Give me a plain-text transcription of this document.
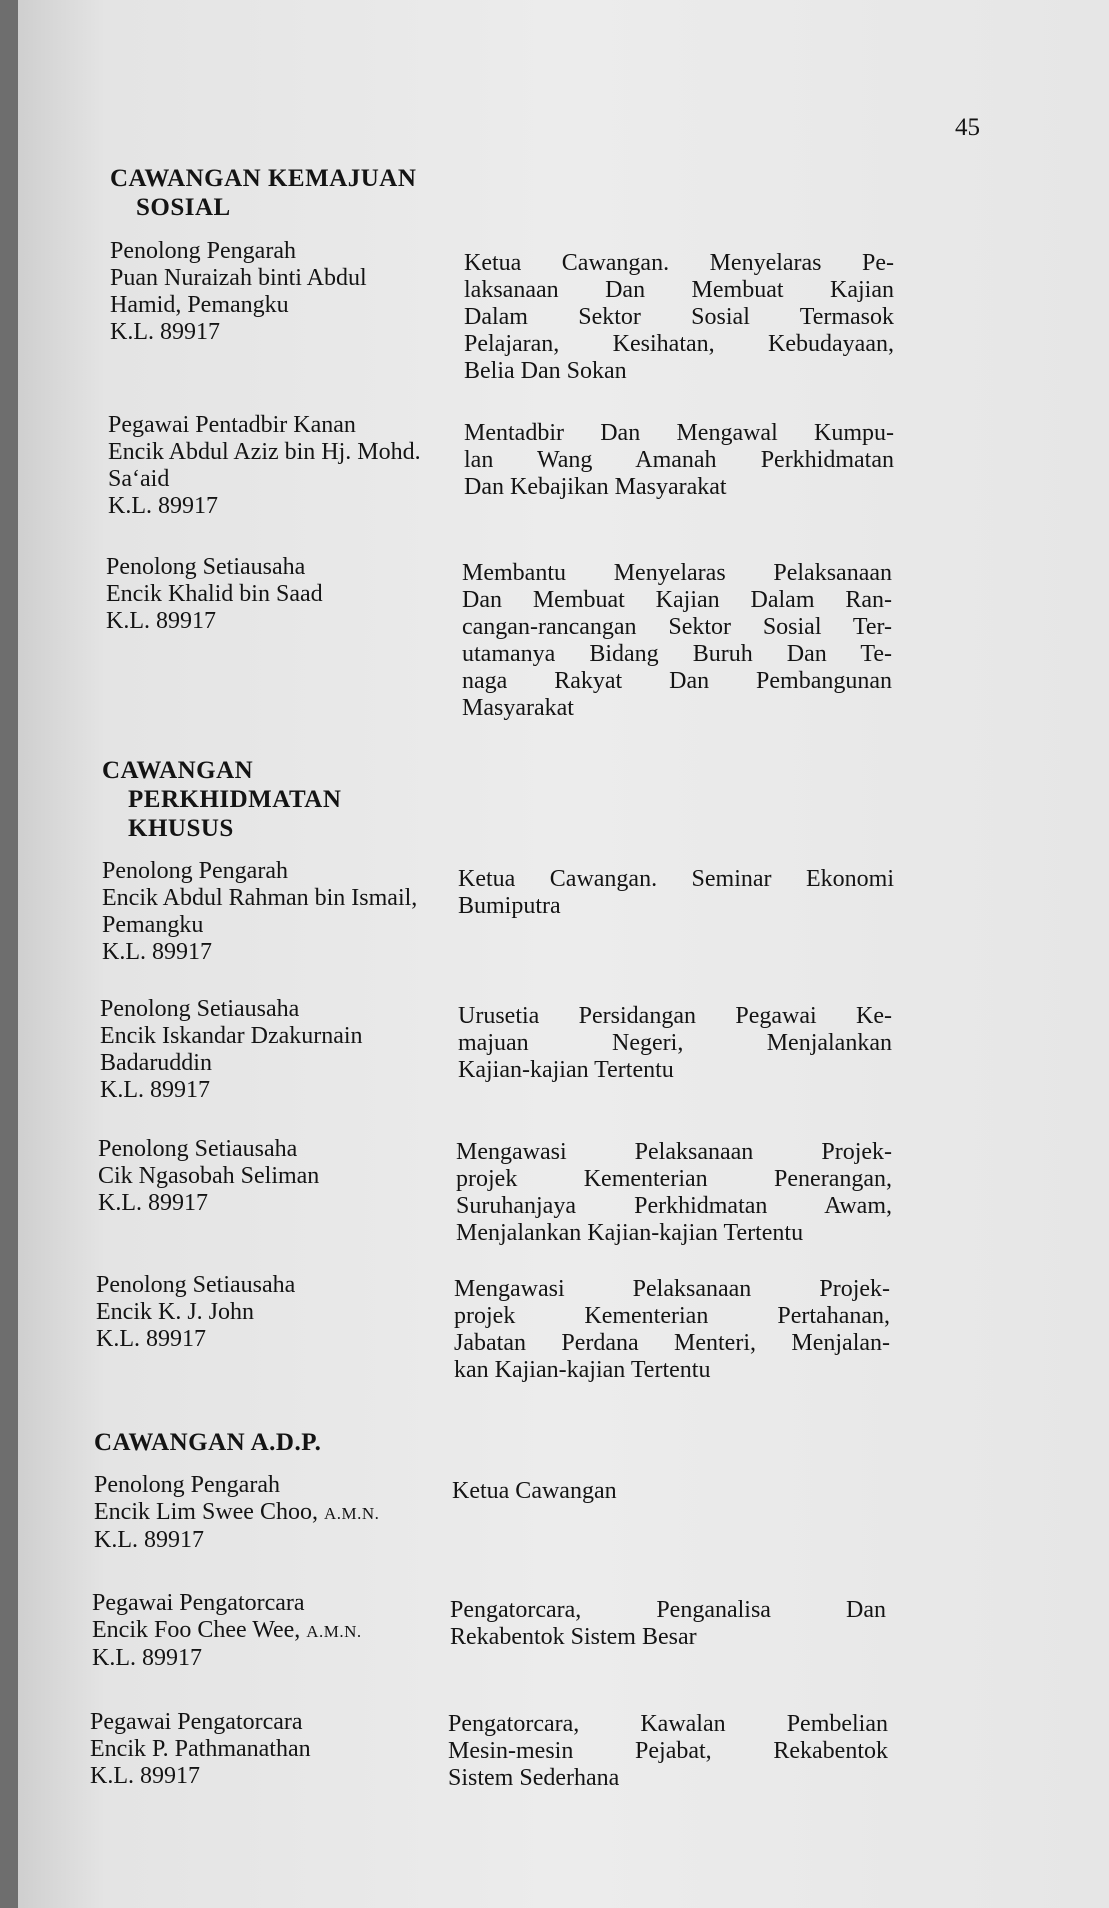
45
CAWANGAN KEMAJUAN
SOSIAL
Penolong Pengarah
Puan Nuraizah binti Abdul
Hamid, Pemangku
K.L. 89917
Ketua Cawangan. Menyelaras Pe-
laksanaan Dan Membuat Kajian
Dalam Sektor Sosial Termasok
Pelajaran, Kesihatan, Kebudayaan,
Belia Dan Sokan
Pegawai Pentadbir Kanan
Encik Abdul Aziz bin Hj. Mohd.
Sa‘aid
K.L. 89917
Mentadbir Dan Mengawal Kumpu-
lan Wang Amanah Perkhidmatan
Dan Kebajikan Masyarakat
Penolong Setiausaha
Encik Khalid bin Saad
K.L. 89917
Membantu Menyelaras Pelaksanaan
Dan Membuat Kajian Dalam Ran-
cangan-rancangan Sektor Sosial Ter-
utamanya Bidang Buruh Dan Te-
naga Rakyat Dan Pembangunan
Masyarakat
CAWANGAN
PERKHIDMATAN
KHUSUS
Penolong Pengarah
Encik Abdul Rahman bin Ismail,
Pemangku
K.L. 89917
Ketua Cawangan. Seminar Ekonomi
Bumiputra
Penolong Setiausaha
Encik Iskandar Dzakurnain
Badaruddin
K.L. 89917
Urusetia Persidangan Pegawai Ke-
majuan Negeri, Menjalankan
Kajian-kajian Tertentu
Penolong Setiausaha
Cik Ngasobah Seliman
K.L. 89917
Mengawasi Pelaksanaan Projek-
projek Kementerian Penerangan,
Suruhanjaya Perkhidmatan Awam,
Menjalankan Kajian-kajian Tertentu
Penolong Setiausaha
Encik K. J. John
K.L. 89917
Mengawasi Pelaksanaan Projek-
projek Kementerian Pertahanan,
Jabatan Perdana Menteri, Menjalan-
kan Kajian-kajian Tertentu
CAWANGAN A.D.P.
Penolong Pengarah
Encik Lim Swee Choo, A.M.N.
K.L. 89917
Ketua Cawangan
Pegawai Pengatorcara
Encik Foo Chee Wee, A.M.N.
K.L. 89917
Pengatorcara, Penganalisa Dan
Rekabentok Sistem Besar
Pegawai Pengatorcara
Encik P. Pathmanathan
K.L. 89917
Pengatorcara, Kawalan Pembelian
Mesin-mesin Pejabat, Rekabentok
Sistem Sederhana
